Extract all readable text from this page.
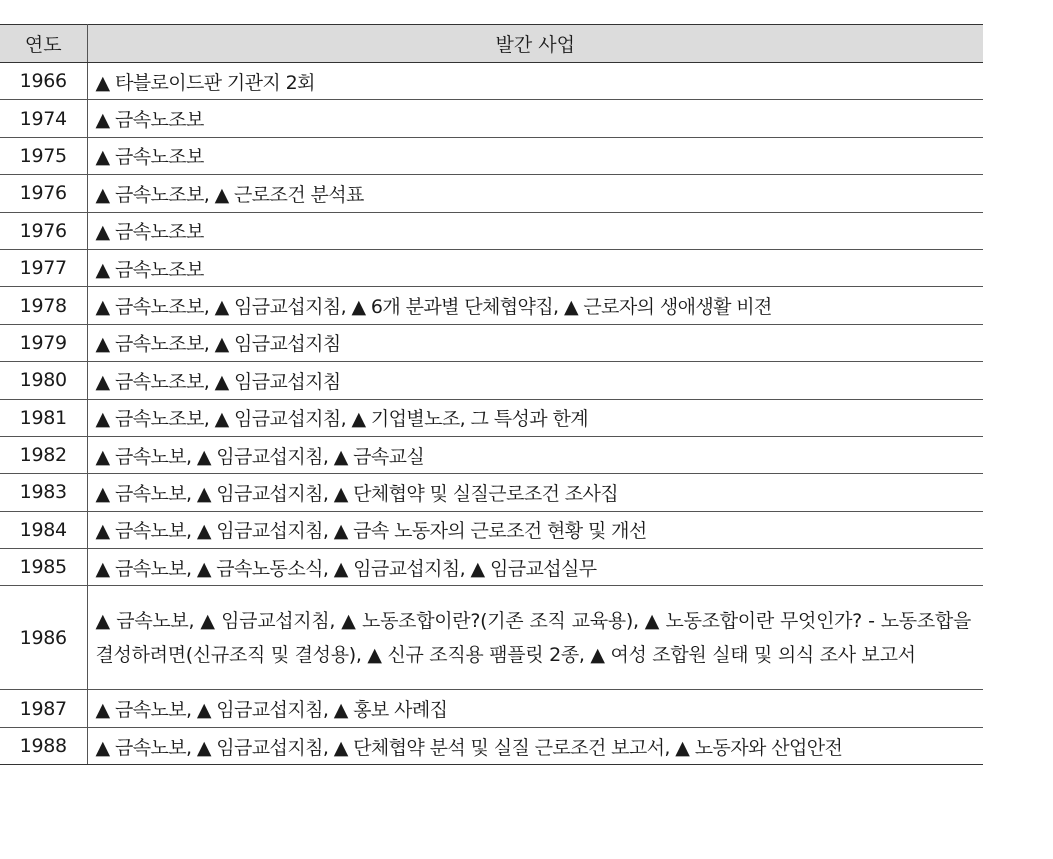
연도	발간 사업
1966	▲ 타블로이드판 기관지 2회
1974	▲ 금속노조보
1975	▲ 금속노조보
1976	▲ 금속노조보, ▲ 근로조건 분석표
1976	▲ 금속노조보
1977	▲ 금속노조보
1978	▲ 금속노조보, ▲ 임금교섭지침, ▲ 6개 분과별 단체협약집, ▲ 근로자의 생애생활 비젼
1979	▲ 금속노조보, ▲ 임금교섭지침
1980	▲ 금속노조보, ▲ 임금교섭지침
1981	▲ 금속노조보, ▲ 임금교섭지침, ▲ 기업별노조, 그 특성과 한계
1982	▲ 금속노보, ▲ 임금교섭지침, ▲ 금속교실
1983	▲ 금속노보, ▲ 임금교섭지침, ▲ 단체협약 및 실질근로조건 조사집
1984	▲ 금속노보, ▲ 임금교섭지침, ▲ 금속 노동자의 근로조건 현황 및 개선
1985	▲ 금속노보, ▲ 금속노동소식, ▲ 임금교섭지침, ▲ 임금교섭실무
1986	▲ 금속노보, ▲ 임금교섭지침, ▲ 노동조합이란?(기존 조직 교육용), ▲ 노동조합이란 무엇인가? - 노동조합을 결성하려면(신규조직 및 결성용), ▲ 신규 조직용 팸플릿 2종, ▲ 여성 조합원 실태 및 의식 조사 보고서
1987	▲ 금속노보, ▲ 임금교섭지침, ▲ 홍보 사례집
1988	▲ 금속노보, ▲ 임금교섭지침, ▲ 단체협약 분석 및 실질 근로조건 보고서, ▲ 노동자와 산업안전
